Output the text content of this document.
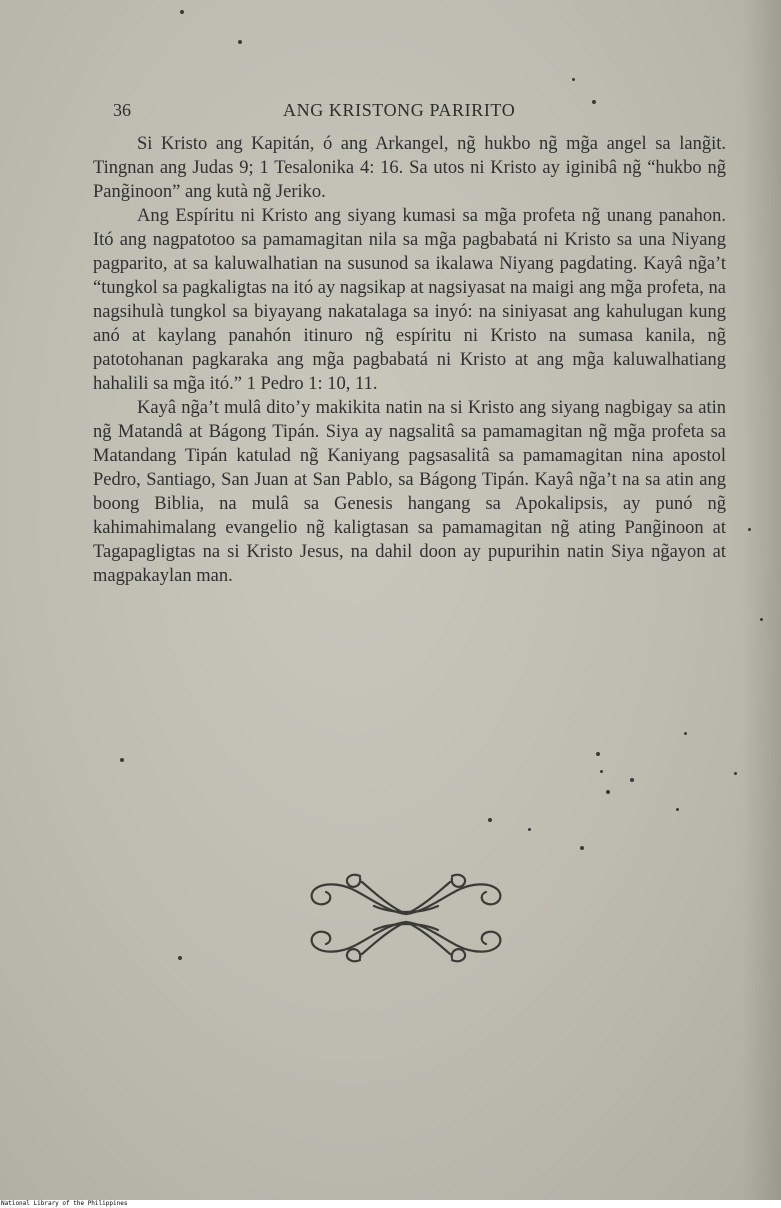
36	ANG KRISTONG PARIRITO

Si Kristo ang Kapitán, ó ang Arkangel, ng̃ hukbo ng̃ mg̃a angel sa lang̃it. Tingnan ang Judas 9; 1 Tesalonika 4: 16. Sa utos ni Kristo ay iginibâ ng̃ “hukbo ng̃ Pang̃inoon” ang kutà ng̃ Jeriko.

Ang Espíritu ni Kristo ang siyang kumasi sa mg̃a profeta ng̃ unang panahon. Itó ang nagpatotoo sa pamamagitan nila sa mg̃a pagbabatá ni Kristo sa una Niyang pagparito, at sa kaluwalhatian na susunod sa ikalawa Niyang pagdating. Kayâ ng̃a’t “tungkol sa pagkaligtas na itó ay nagsikap at nagsiyasat na maigi ang mg̃a profeta, na nagsihulà tungkol sa biyayang nakatalaga sa inyó: na siniyasat ang kahulugan kung anó at kaylang panahón itinuro ng̃ espíritu ni Kristo na sumasa kanila, ng̃ patotohanan pagkaraka ang mg̃a pagbabatá ni Kristo at ang mg̃a kaluwalhatiang hahalili sa mg̃a itó.” 1 Pedro 1: 10, 11.

Kayâ ng̃a’t mulâ dito’y makikita natin na si Kristo ang siyang nagbigay sa atin ng̃ Matandâ at Bágong Tipán. Siya ay nagsalitâ sa pamamagitan ng̃ mg̃a profeta sa Matandang Tipán katulad ng̃ Kaniyang pagsasalitâ sa pamamagitan nina apostol Pedro, Santiago, San Juan at San Pablo, sa Bágong Tipán. Kayâ ng̃a’t na sa atin ang boong Biblia, na mulâ sa Genesis hangang sa Apokalipsis, ay punó ng̃ kahimahimalang evangelio ng̃ kaligtasan sa pamamagitan ng̃ ating Pang̃inoon at Tagapagligtas na si Kristo Jesus, na dahil doon ay pupurihin natin Siya ng̃ayon at magpakaylan man.

National Library of the Philippines
